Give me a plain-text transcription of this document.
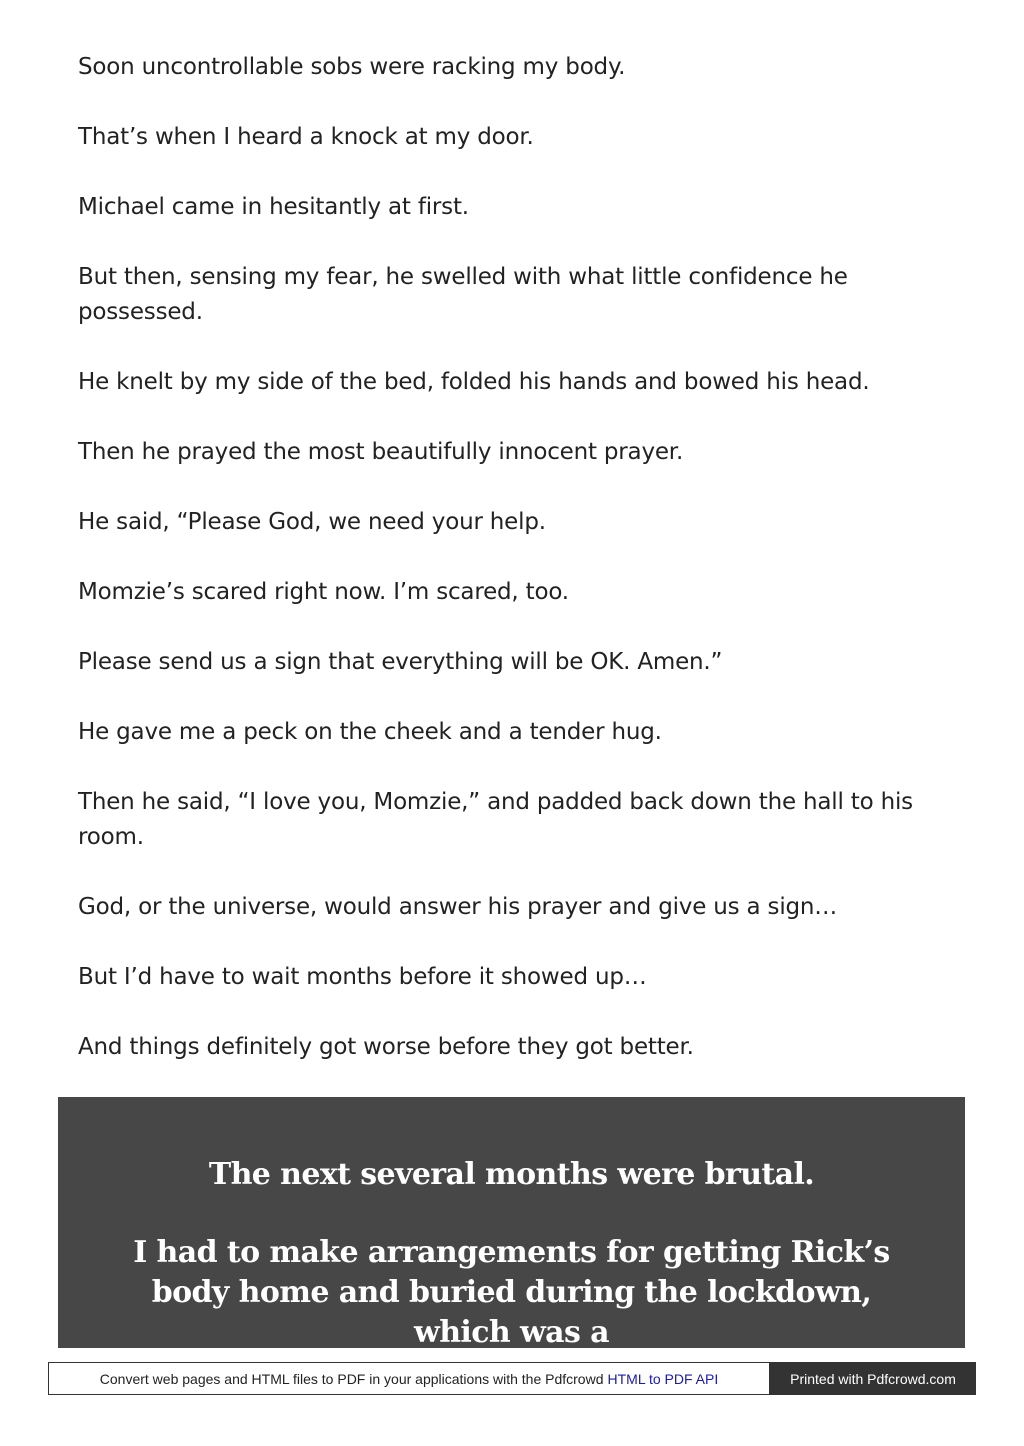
Soon uncontrollable sobs were racking my body.

That’s when I heard a knock at my door.

Michael came in hesitantly at first.

But then, sensing my fear, he swelled with what little confidence he possessed.

He knelt by my side of the bed, folded his hands and bowed his head.

Then he prayed the most beautifully innocent prayer.

He said, “Please God, we need your help.

Momzie’s scared right now. I’m scared, too.

Please send us a sign that everything will be OK. Amen.”

He gave me a peck on the cheek and a tender hug.

Then he said, “I love you, Momzie,” and padded back down the hall to his room.

God, or the universe, would answer his prayer and give us a sign…

But I’d have to wait months before it showed up…

And things definitely got worse before they got better.

The next several months were brutal.
I had to make arrangements for getting Rick’s body home and buried during the lockdown, which was a
Convert web pages and HTML files to PDF in your applications with the Pdfcrowd HTML to PDF API	Printed with Pdfcrowd.com
